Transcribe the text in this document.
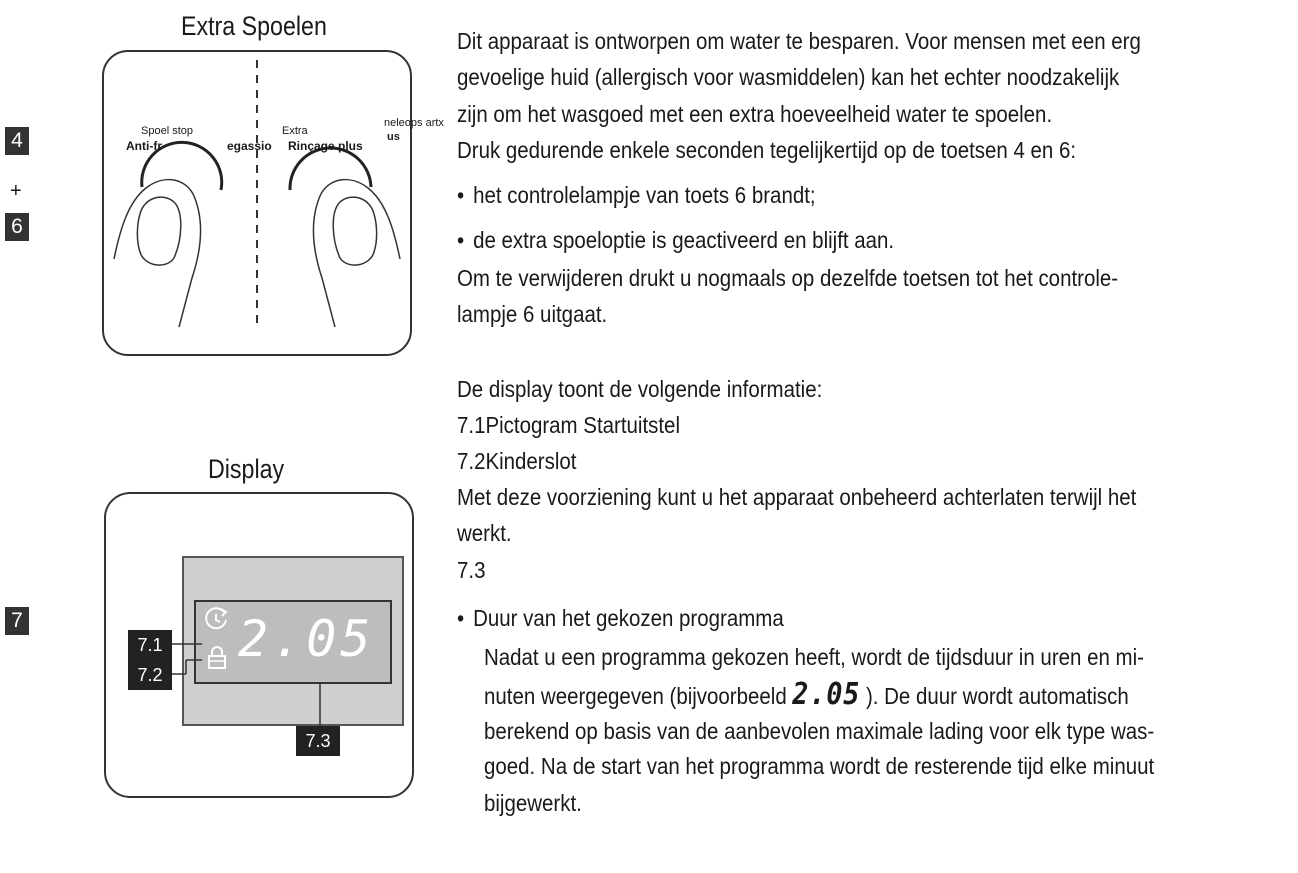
Extra Spoelen
4
+
6
Spoel stop
Anti-fr	egassio
Extra
Rinçage plus
neleops artx
us
Display
7	2.05
7.1
7.2
7.3
Dit apparaat is ontworpen om water te besparen. Voor mensen met een erg
gevoelige huid (allergisch voor wasmiddelen) kan het echter noodzakelijk
zijn om het wasgoed met een extra hoeveelheid water te spoelen.
Druk gedurende enkele seconden tegelijkertijd op de toetsen 4 en 6:
• het controlelampje van toets 6 brandt;
• de extra spoeloptie is geactiveerd en blijft aan.
Om te verwijderen drukt u nogmaals op dezelfde toetsen tot het controle-
lampje 6 uitgaat.
De display toont de volgende informatie:
7.1Pictogram Startuitstel
7.2Kinderslot
Met deze voorziening kunt u het apparaat onbeheerd achterlaten terwijl het
werkt.
7.3
• Duur van het gekozen programma
Nadat u een programma gekozen heeft, wordt de tijdsduur in uren en mi-
nuten weergegeven (bijvoorbeeld 2.05 ). De duur wordt automatisch
berekend op basis van de aanbevolen maximale lading voor elk type was-
goed. Na de start van het programma wordt de resterende tijd elke minuut
bijgewerkt.
